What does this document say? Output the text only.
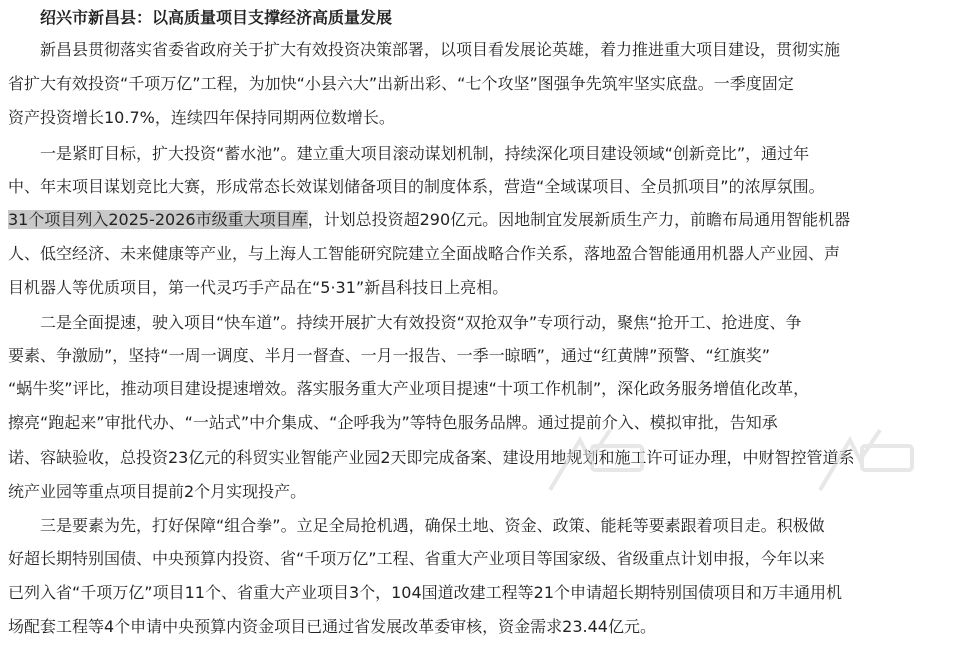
绍兴市新昌县：以高质量项目支撑经济高质量发展
新昌县贯彻落实省委省政府关于扩大有效投资决策部署，以项目看发展论英雄，着力推进重大项目建设，贯彻实施
省扩大有效投资“千项万亿”工程，为加快“小县六大”出新出彩、“七个攻坚”图强争先筑牢坚实底盘。一季度固定
资产投资增长10.7%，连续四年保持同期两位数增长。
一是紧盯目标，扩大投资“蓄水池”。建立重大项目滚动谋划机制，持续深化项目建设领域“创新竞比”，通过年
中、年末项目谋划竞比大赛，形成常态长效谋划储备项目的制度体系，营造“全域谋项目、全员抓项目”的浓厚氛围。
31个项目列入2025-2026市级重大项目库，计划总投资超290亿元。因地制宜发展新质生产力，前瞻布局通用智能机器
人、低空经济、未来健康等产业，与上海人工智能研究院建立全面战略合作关系，落地盈合智能通用机器人产业园、声
目机器人等优质项目，第一代灵巧手产品在“5·31”新昌科技日上亮相。
二是全面提速，驶入项目“快车道”。持续开展扩大有效投资“双抢双争”专项行动，聚焦“抢开工、抢进度、争
要素、争激励”，坚持“一周一调度、半月一督查、一月一报告、一季一晾晒”，通过“红黄牌”预警、“红旗奖”
“蜗牛奖”评比，推动项目建设提速增效。落实服务重大产业项目提速“十项工作机制”，深化政务服务增值化改革，
擦亮“跑起来”审批代办、“一站式”中介集成、“企呼我为”等特色服务品牌。通过提前介入、模拟审批，告知承
诺、容缺验收，总投资23亿元的科贸实业智能产业园2天即完成备案、建设用地规划和施工许可证办理，中财智控管道系
统产业园等重点项目提前2个月实现投产。
三是要素为先，打好保障“组合拳”。立足全局抢机遇，确保土地、资金、政策、能耗等要素跟着项目走。积极做
好超长期特别国债、中央预算内投资、省“千项万亿”工程、省重大产业项目等国家级、省级重点计划申报，今年以来
已列入省“千项万亿”项目11个、省重大产业项目3个，104国道改建工程等21个申请超长期特别国债项目和万丰通用机
场配套工程等4个申请中央预算内资金项目已通过省发展改革委审核，资金需求23.44亿元。
